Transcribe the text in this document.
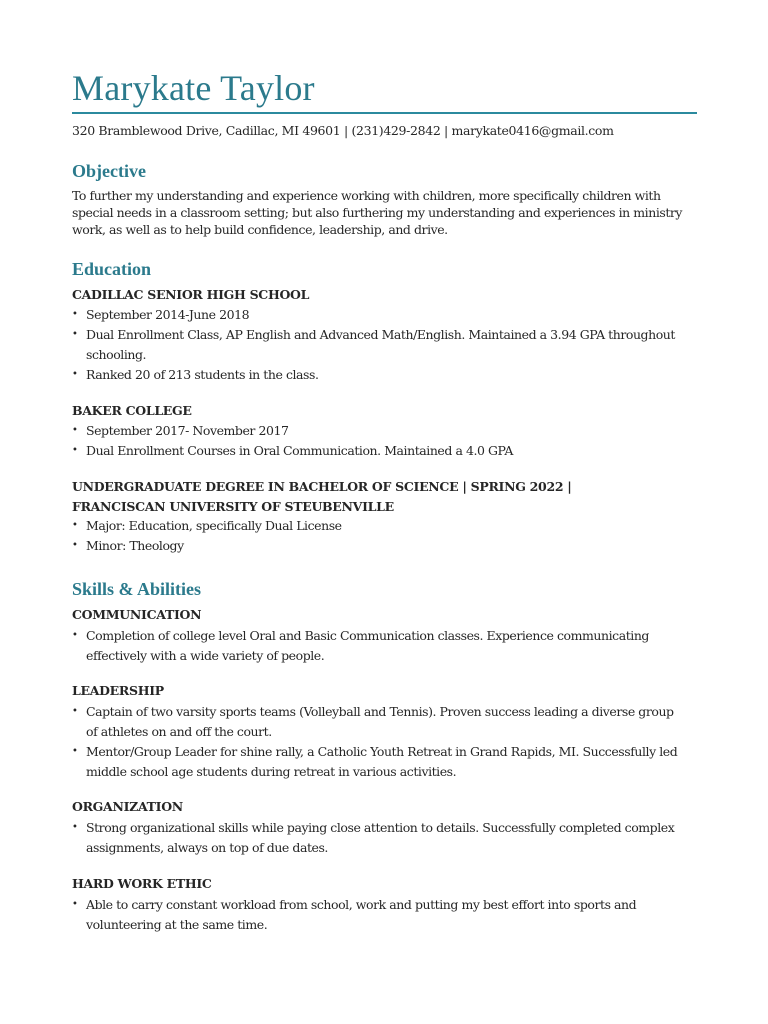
Marykate Taylor
320 Bramblewood Drive, Cadillac, MI 49601 | (231)429-2842 | marykate0416@gmail.com
Objective
To further my understanding and experience working with children, more specifically children with special needs in a classroom setting; but also furthering my understanding and experiences in ministry work, as well as to help build confidence, leadership, and drive.
Education
CADILLAC SENIOR HIGH SCHOOL
• September 2014-June 2018
• Dual Enrollment Class, AP English and Advanced Math/English. Maintained a 3.94 GPA throughout schooling.
• Ranked 20 of 213 students in the class.
BAKER COLLEGE
• September 2017- November 2017
• Dual Enrollment Courses in Oral Communication. Maintained a 4.0 GPA
UNDERGRADUATE DEGREE IN BACHELOR OF SCIENCE | SPRING 2022 | FRANCISCAN UNIVERSITY OF STEUBENVILLE
• Major: Education, specifically Dual License
• Minor: Theology
Skills & Abilities
COMMUNICATION
• Completion of college level Oral and Basic Communication classes. Experience communicating effectively with a wide variety of people.
LEADERSHIP
• Captain of two varsity sports teams (Volleyball and Tennis). Proven success leading a diverse group of athletes on and off the court.
• Mentor/Group Leader for shine rally, a Catholic Youth Retreat in Grand Rapids, MI. Successfully led middle school age students during retreat in various activities.
ORGANIZATION
• Strong organizational skills while paying close attention to details. Successfully completed complex assignments, always on top of due dates.
HARD WORK ETHIC
• Able to carry constant workload from school, work and putting my best effort into sports and volunteering at the same time.
